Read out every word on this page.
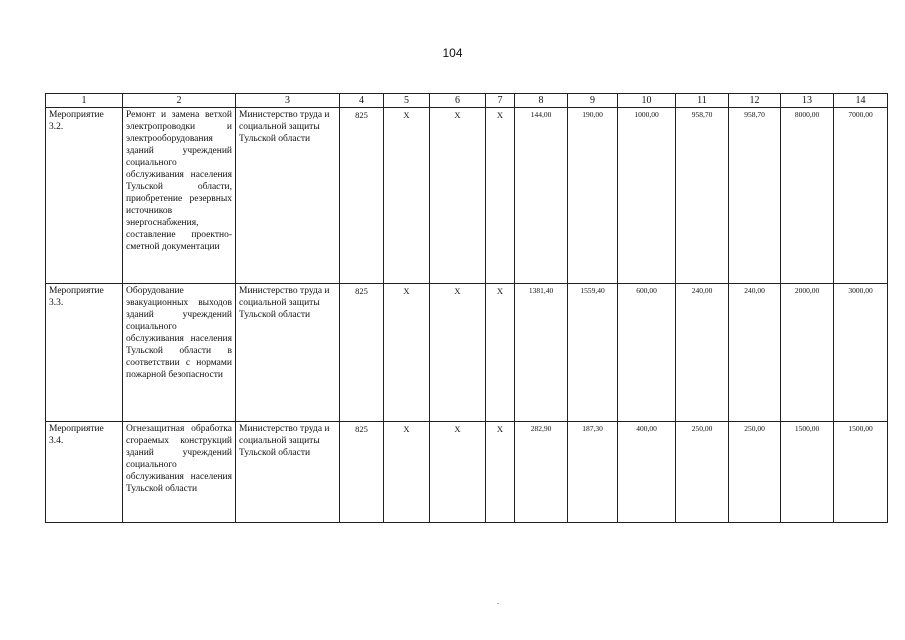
104
1	2	3	4	5	6	7	8	9	10	11	12	13	14
Мероприятие 3.2.	Ремонт и замена ветхой электропроводки и электрооборудования зданий учреждений социального обслуживания населения Тульской области, приобретение резервных источников энергоснабжения, составление проектно-сметной документации	Министерство труда и социальной защиты Тульской области	825	X	X	X	144,00	190,00	1000,00	958,70	958,70	8000,00	7000,00
Мероприятие 3.3.	Оборудование эвакуационных выходов зданий учреждений социального обслуживания населения Тульской области в соответствии с нормами пожарной безопасности	Министерство труда и социальной защиты Тульской области	825	X	X	X	1381,40	1559,40	600,00	240,00	240,00	2000,00	3000,00
Мероприятие 3.4.	Огнезащитная обработка сгораемых конструкций зданий учреждений социального обслуживания населения Тульской области	Министерство труда и социальной защиты Тульской области	825	X	X	X	282,90	187,30	400,00	250,00	250,00	1500,00	1500,00
